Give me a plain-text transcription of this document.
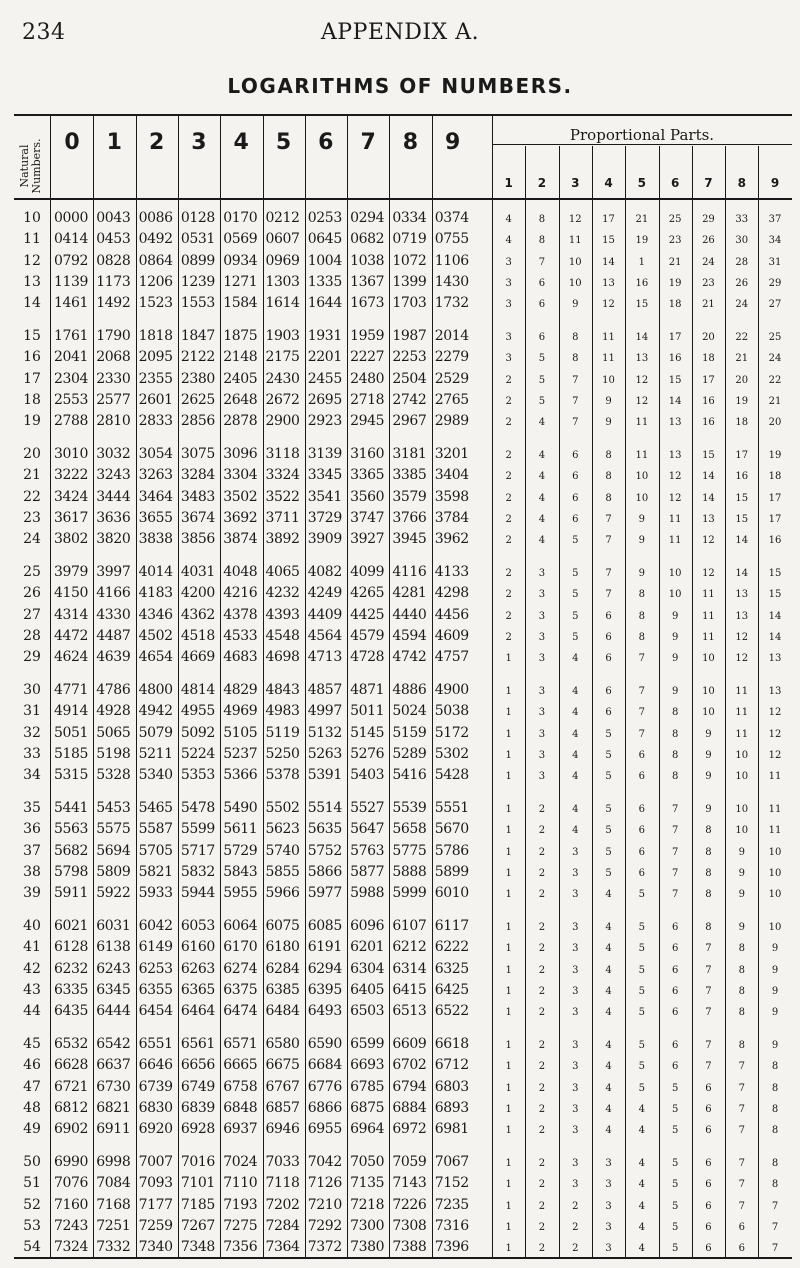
234	APPENDIX A.
LOGARITHMS OF NUMBERS.
Natural Numbers.
Proportional Parts.
0 1 2 3 4 5 6 7 8 9
1 2 3 4 5 6 7 8 9
10 0000 0043 0086 0128 0170 0212 0253 0294 0334 0374	4	8 12 17 21 25 29 33 37
11 0414 0453 0492 0531 0569 0607 0645 0682 0719 0755	4	8 11 15 19 23 26 30 34
12 0792 0828 0864 0899 0934 0969 1004 1038 1072 1106	3	7 10 14 1 21 24 28 31
13 1139 1173 1206 1239 1271 1303 1335 1367 1399 1430	3	6 10 13 16 19 23 26 29
14 1461 1492 1523 1553 1584 1614 1644 1673 1703 1732	3	6	9 12 15 18 21 24 27
15 1761 1790 1818 1847 1875 1903 1931 1959 1987 2014	3	6	8 11 14 17 20 22 25
16 2041 2068 2095 2122 2148 2175 2201 2227 2253 2279	3	5	8 11 13 16 18 21 24
17 2304 2330 2355 2380 2405 2430 2455 2480 2504 2529	2	5	7 10 12 15 17 20 22
18 2553 2577 2601 2625 2648 2672 2695 2718 2742 2765	2	5	7	9 12 14 16 19 21
19 2788 2810 2833 2856 2878 2900 2923 2945 2967 2989	2	4	7	9 11 13 16 18 20
20 3010 3032 3054 3075 3096 3118 3139 3160 3181 3201	2	4	6	8 11 13 15 17 19
21 3222 3243 3263 3284 3304 3324 3345 3365 3385 3404	2	4	6	8 10 12 14 16 18
22 3424 3444 3464 3483 3502 3522 3541 3560 3579 3598	2	4	6	8 10 12 14 15 17
23 3617 3636 3655 3674 3692 3711 3729 3747 3766 3784	2	4	6	7	9 11 13 15 17
24 3802 3820 3838 3856 3874 3892 3909 3927 3945 3962	2	4	5	7	9 11 12 14 16
25 3979 3997 4014 4031 4048 4065 4082 4099 4116 4133	2	3	5	7	9 10 12 14 15
26 4150 4166 4183 4200 4216 4232 4249 4265 4281 4298	2	3	5	7	8 10 11 13 15
27 4314 4330 4346 4362 4378 4393 4409 4425 4440 4456	2	3	5	6	8	9 11 13 14
28 4472 4487 4502 4518 4533 4548 4564 4579 4594 4609	2	3	5	6	8	9 11 12 14
29 4624 4639 4654 4669 4683 4698 4713 4728 4742 4757	1	3	4	6	7	9 10 12 13
30 4771 4786 4800 4814 4829 4843 4857 4871 4886 4900	1	3	4	6	7	9 10 11 13
31 4914 4928 4942 4955 4969 4983 4997 5011 5024 5038	1	3	4	6	7	8 10 11 12
32 5051 5065 5079 5092 5105 5119 5132 5145 5159 5172	1	3	4	5	7	8	9 11 12
33 5185 5198 5211 5224 5237 5250 5263 5276 5289 5302	1	3	4	5	6	8	9 10 12
34 5315 5328 5340 5353 5366 5378 5391 5403 5416 5428	1	3	4	5	6	8	9 10 11
35 5441 5453 5465 5478 5490 5502 5514 5527 5539 5551	1	2	4	5	6	7	9 10 11
36 5563 5575 5587 5599 5611 5623 5635 5647 5658 5670	1	2	4	5	6	7	8 10 11
37 5682 5694 5705 5717 5729 5740 5752 5763 5775 5786	1	2	3	5	6	7	8	9 10
38 5798 5809 5821 5832 5843 5855 5866 5877 5888 5899	1	2	3	5	6	7	8	9 10
39 5911 5922 5933 5944 5955 5966 5977 5988 5999 6010	1	2	3	4	5	7	8	9 10
40 6021 6031 6042 6053 6064 6075 6085 6096 6107 6117	1	2	3	4	5	6	8	9 10
41 6128 6138 6149 6160 6170 6180 6191 6201 6212 6222	1	2	3	4	5	6	7	8	9
42 6232 6243 6253 6263 6274 6284 6294 6304 6314 6325	1	2	3	4	5	6	7	8	9
43 6335 6345 6355 6365 6375 6385 6395 6405 6415 6425	1	2	3	4	5	6	7	8	9
44 6435 6444 6454 6464 6474 6484 6493 6503 6513 6522	1	2	3	4	5	6	7	8	9
45 6532 6542 6551 6561 6571 6580 6590 6599 6609 6618	1	2	3	4	5	6	7	8	9
46 6628 6637 6646 6656 6665 6675 6684 6693 6702 6712	1	2	3	4	5	6	7	7	8
47 6721 6730 6739 6749 6758 6767 6776 6785 6794 6803	1	2	3	4	5	5	6	7	8
48 6812 6821 6830 6839 6848 6857 6866 6875 6884 6893	1	2	3	4	4	5	6	7	8
49 6902 6911 6920 6928 6937 6946 6955 6964 6972 6981	1	2	3	4	4	5	6	7	8
50 6990 6998 7007 7016 7024 7033 7042 7050 7059 7067	1	2	3	3	4	5	6	7	8
51 7076 7084 7093 7101 7110 7118 7126 7135 7143 7152	1	2	3	3	4	5	6	7	8
52 7160 7168 7177 7185 7193 7202 7210 7218 7226 7235	1	2	2	3	4	5	6	7	7
53 7243 7251 7259 7267 7275 7284 7292 7300 7308 7316	1	2	2	3	4	5	6	6	7
54 7324 7332 7340 7348 7356 7364 7372 7380 7388 7396	1	2	2	3	4	5	6	6	7
